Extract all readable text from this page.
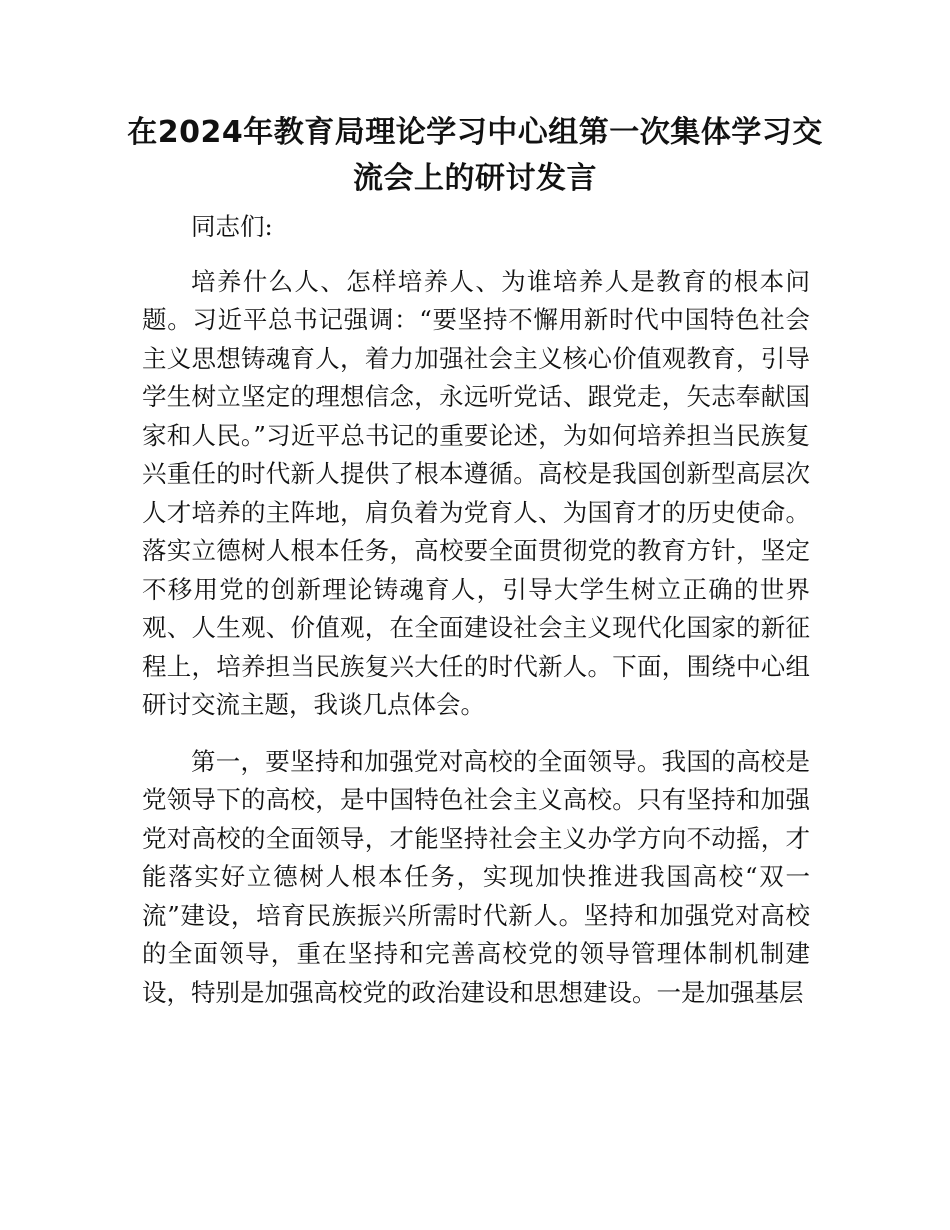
在2024年教育局理论学习中心组第一次集体学习交流会上的研讨发言

同志们:

培养什么人、怎样培养人、为谁培养人是教育的根本问题。习近平总书记强调：“要坚持不懈用新时代中国特色社会主义思想铸魂育人，着力加强社会主义核心价值观教育，引导学生树立坚定的理想信念，永远听党话、跟党走，矢志奉献国家和人民。”习近平总书记的重要论述，为如何培养担当民族复兴重任的时代新人提供了根本遵循。高校是我国创新型高层次人才培养的主阵地，肩负着为党育人、为国育才的历史使命。落实立德树人根本任务，高校要全面贯彻党的教育方针，坚定不移用党的创新理论铸魂育人，引导大学生树立正确的世界观、人生观、价值观，在全面建设社会主义现代化国家的新征程上，培养担当民族复兴大任的时代新人。下面，围绕中心组研讨交流主题，我谈几点体会。

第一，要坚持和加强党对高校的全面领导。我国的高校是党领导下的高校，是中国特色社会主义高校。只有坚持和加强党对高校的全面领导，才能坚持社会主义办学方向不动摇，才能落实好立德树人根本任务，实现加快推进我国高校“双一流”建设，培育民族振兴所需时代新人。坚持和加强党对高校的全面领导，重在坚持和完善高校党的领导管理体制机制建设，特别是加强高校党的政治建设和思想建设。一是加强基层
